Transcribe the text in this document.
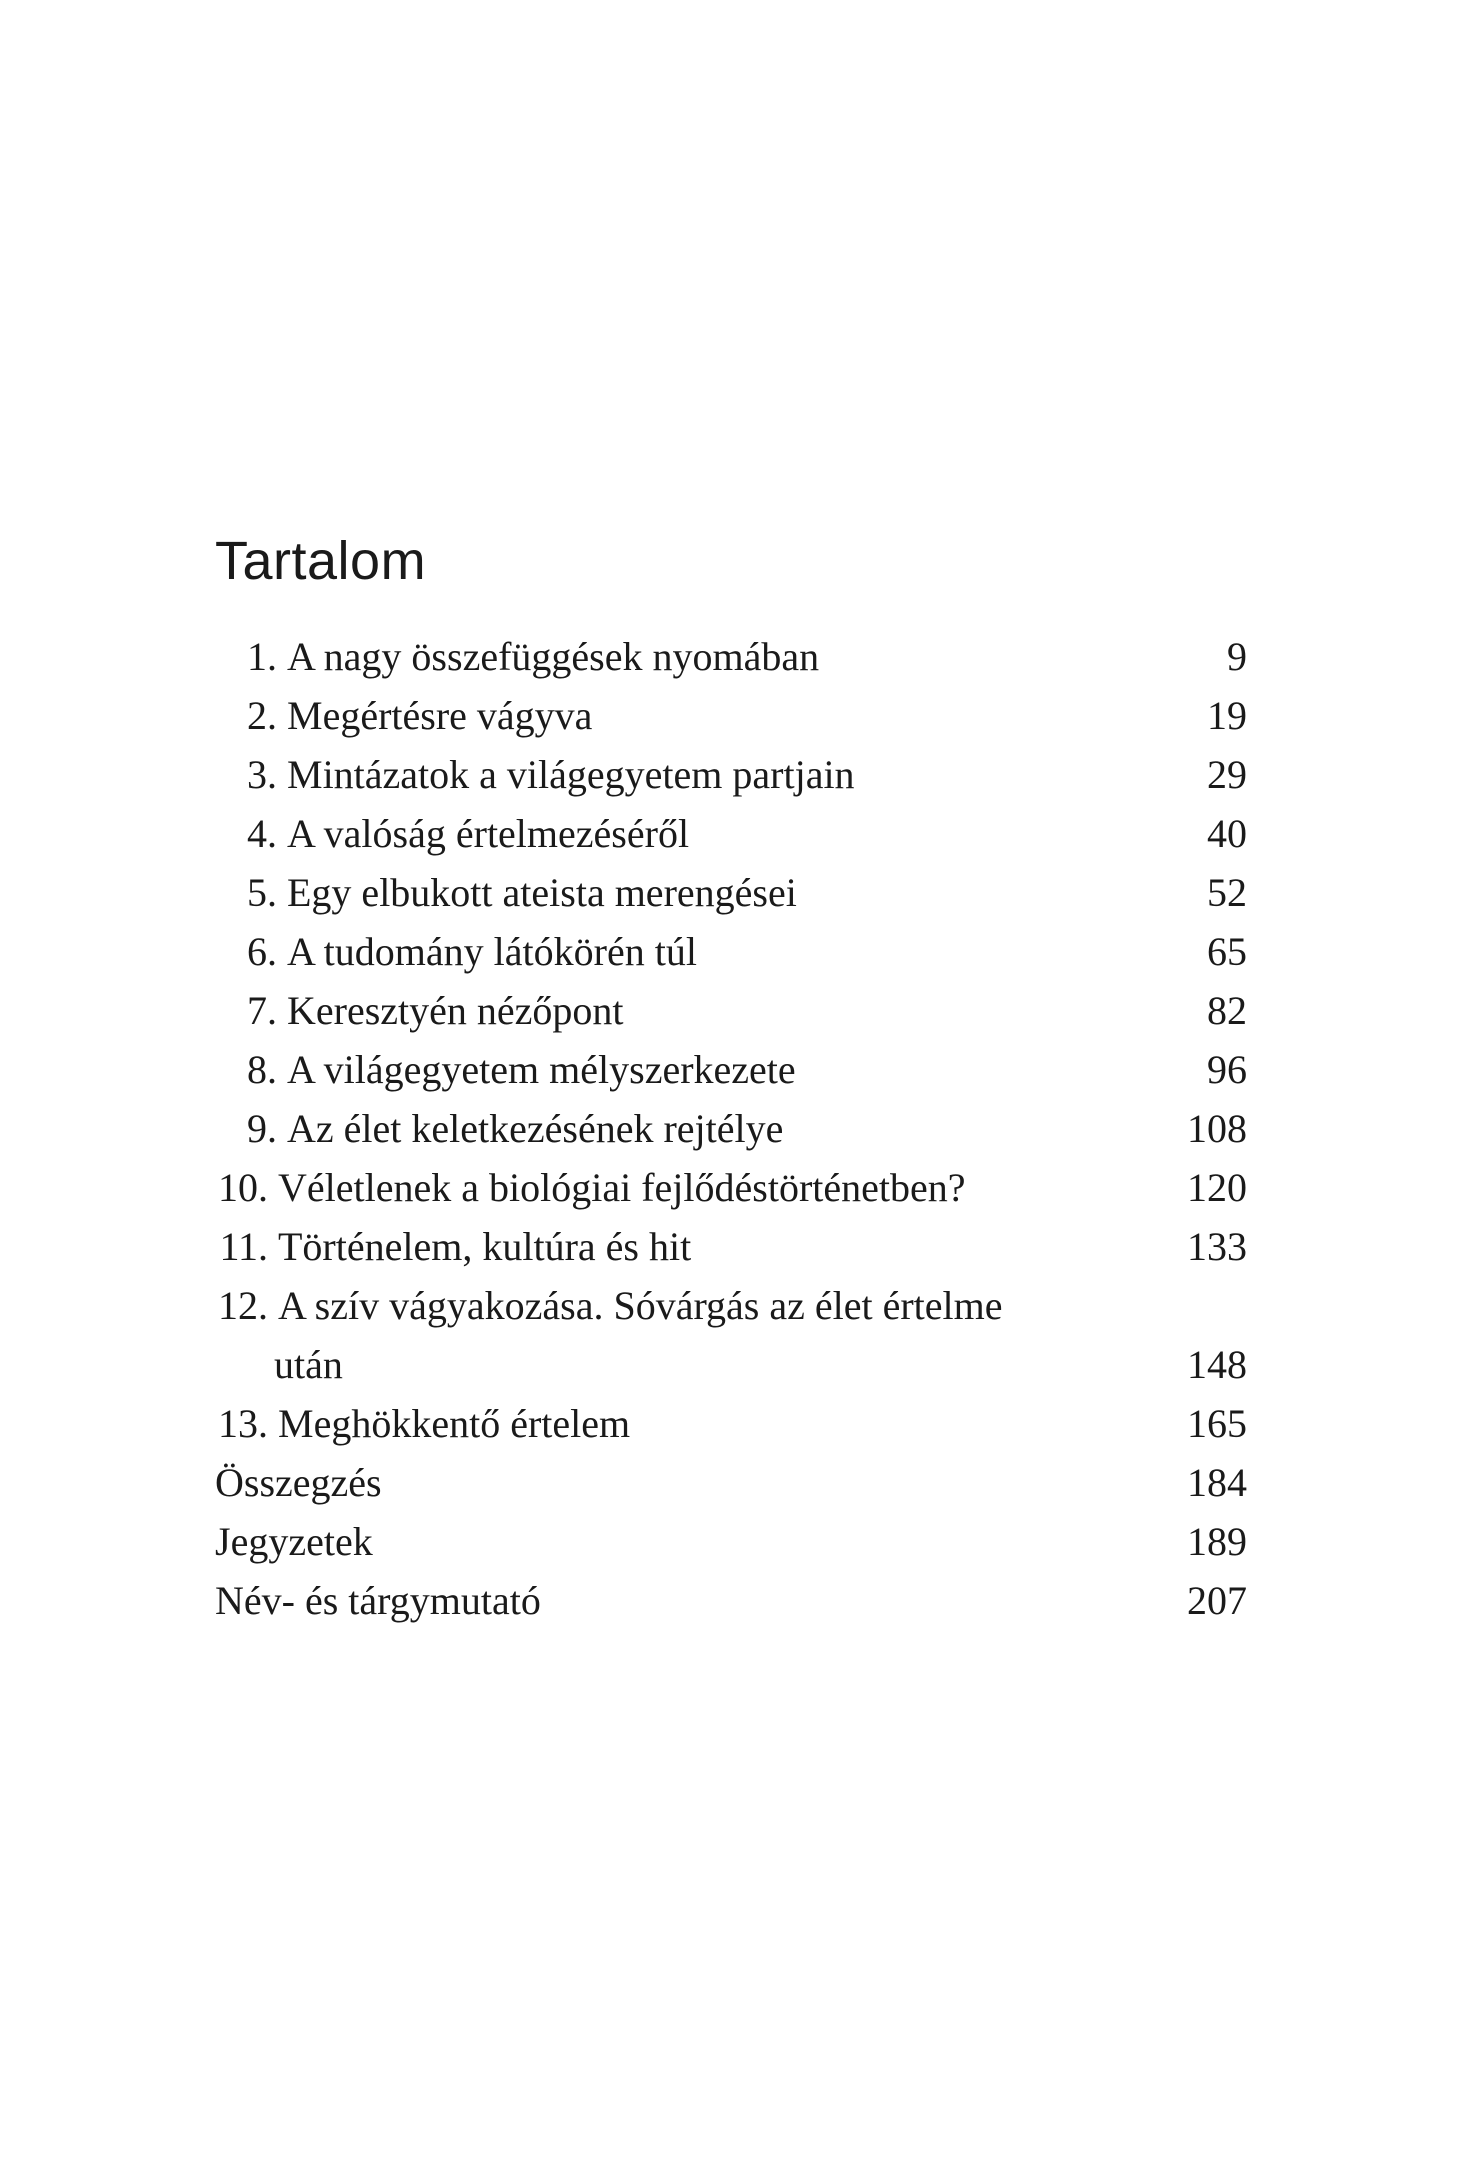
Tartalom
1. A nagy összefüggések nyomában	9
2. Megértésre vágyva	19
3. Mintázatok a világegyetem partjain	29
4. A valóság értelmezéséről	40
5. Egy elbukott ateista merengései	52
6. A tudomány látókörén túl	65
7. Keresztyén nézőpont	82
8. A világegyetem mélyszerkezete	96
9. Az élet keletkezésének rejtélye	108
10. Véletlenek a biológiai fejlődéstörténetben?	120
11. Történelem, kultúra és hit	133
12. A szív vágyakozása. Sóvárgás az élet értelme
után	148
13. Meghökkentő értelem	165
Összegzés	184
Jegyzetek	189
Név- és tárgymutató	207
